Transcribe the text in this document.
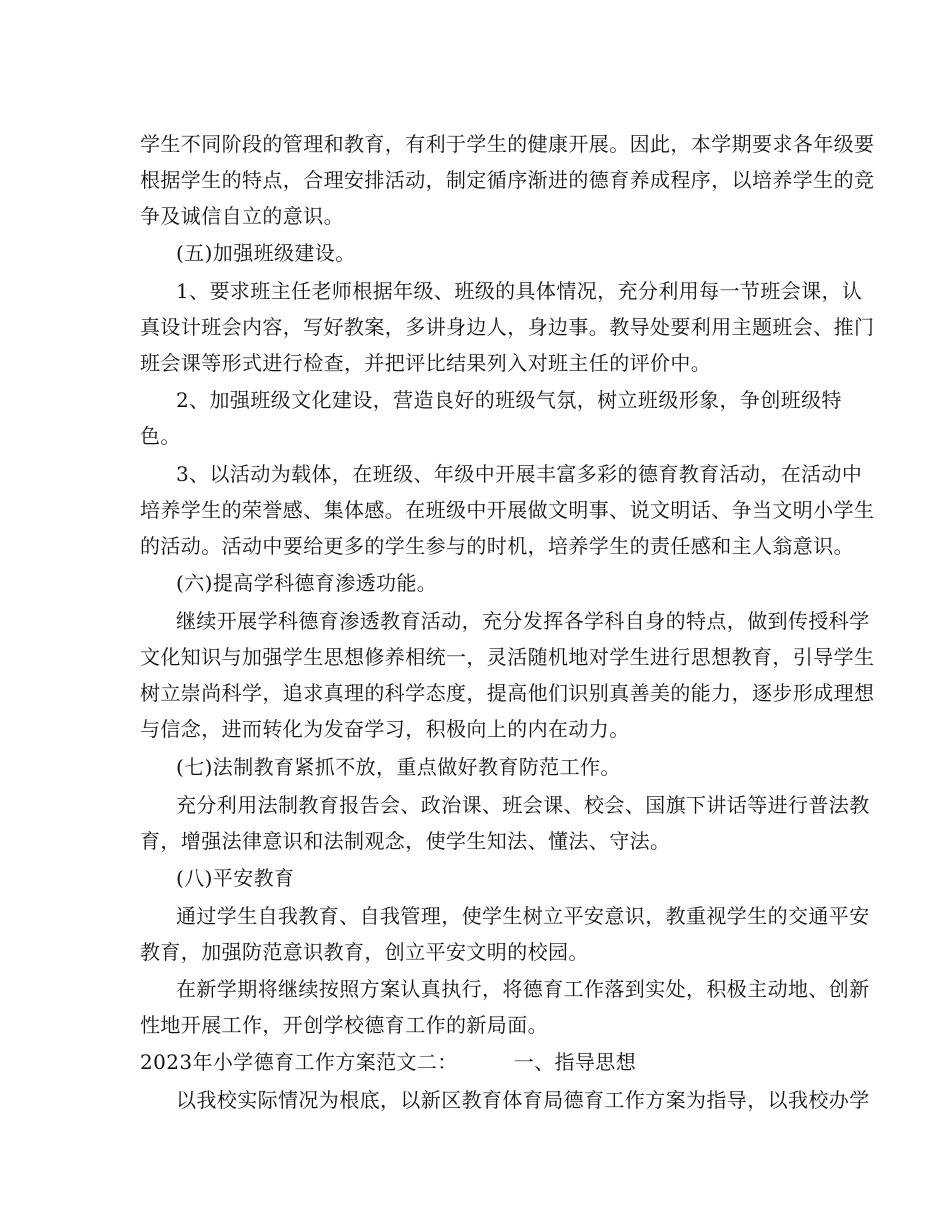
学生不同阶段的管理和教育，有利于学生的健康开展。因此，本学期要求各年级要
根据学生的特点，合理安排活动，制定循序渐进的德育养成程序，以培养学生的竞
争及诚信自立的意识。
(五)加强班级建设。
1、要求班主任老师根据年级、班级的具体情况，充分利用每一节班会课，认
真设计班会内容，写好教案，多讲身边人，身边事。教导处要利用主题班会、推门
班会课等形式进行检查，并把评比结果列入对班主任的评价中。
2、加强班级文化建设，营造良好的班级气氛，树立班级形象，争创班级特
色。
3、以活动为载体，在班级、年级中开展丰富多彩的德育教育活动，在活动中
培养学生的荣誉感、集体感。在班级中开展做文明事、说文明话、争当文明小学生
的活动。活动中要给更多的学生参与的时机，培养学生的责任感和主人翁意识。
(六)提高学科德育渗透功能。
继续开展学科德育渗透教育活动，充分发挥各学科自身的特点，做到传授科学
文化知识与加强学生思想修养相统一，灵活随机地对学生进行思想教育，引导学生
树立崇尚科学，追求真理的科学态度，提高他们识别真善美的能力，逐步形成理想
与信念，进而转化为发奋学习，积极向上的内在动力。
(七)法制教育紧抓不放，重点做好教育防范工作。
充分利用法制教育报告会、政治课、班会课、校会、国旗下讲话等进行普法教
育，增强法律意识和法制观念，使学生知法、懂法、守法。
(八)平安教育
通过学生自我教育、自我管理，使学生树立平安意识，教重视学生的交通平安
教育，加强防范意识教育，创立平安文明的校园。
在新学期将继续按照方案认真执行，将德育工作落到实处，积极主动地、创新
性地开展工作，开创学校德育工作的新局面。
2023年小学德育工作方案范文二：	一、指导思想
以我校实际情况为根底，以新区教育体育局德育工作方案为指导，以我校办学
